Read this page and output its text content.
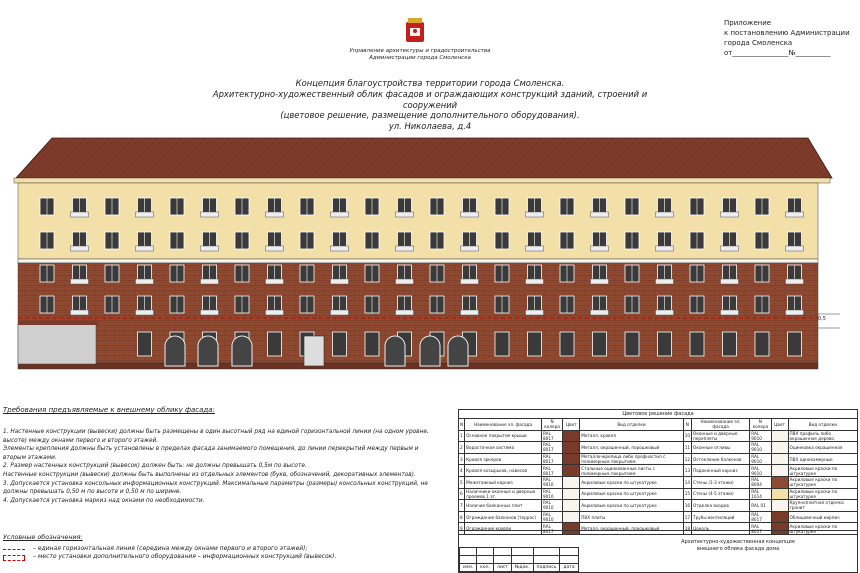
Управление архитектуры и градостроительства
Администрации города Смоленска
Приложение
к постановлению Администрации
города Смоленска
от________________№__________
Концепция благоустройства территории города Смоленска.
Архитектурно-художественный облик фасадов и ограждающих конструкций зданий, строений и сооружений
(цветовое решение, размещение дополнительного оборудования).
ул. Николаева, д.4
0,5
Требования предъявляемые к внешнему облику фасада:

1. Настенные конструкции (вывески) должны быть размещены в один высотный ряд на единой горизонтальной линии (на одном уровне, высоте) между окнами первого и второго этажей.

Элементы крепления должны быть установлены в пределах фасада занимаемого помещения, до линии перекрытий между первым и вторым этажами.

2. Размер настенных конструкций (вывесок) должен быть: не должны превышать 0,5м по высоте.

Настенные конструкции (вывески) должны быть выполнены из отдельных элементов (букв, обозначений, декоративных элементов).

3. Допускается установка консольных информационных конструкций. Максимальные параметры (размеры) консольных конструкций, не должны превышать 0,50 м по высоте и 0,50 м по ширине.

4. Допускается установка маркиз над окнами по необходимости.

Условные обозначения:
– единая горизонтальная линия (середина между окнами первого и второго этажей);
– место установки дополнительного оборудования – информационных конструкций (вывесок).
Цветовое решение фасада									
N	Наименование эл. фасада	N колера	Цвет	Вид отделки	N	Наименование эл. фасада	N колера	Цвет	Вид отделки
1	Основное покрытие крыши	RAL 8017		Металл. кровля	10	Оконные и дверные переплеты	RAL 9010		ПВХ профиль либо окрашенное дерево
2	Водосточная система	RAL 8017		Металл, окрашенный, порошковый	11	Оконные отливы	RAL 9010		Оцинковка окрашенная
3	Кровля эркеров	RAL 8017		Металлочерепица либо профнастил с полимерным покрытием	12	Остекление балконов	RAL 9010		ПВХ однокамерные
4	Кровля козырьков, навесов	RAL 8017		Стальные оцинкованные листы с полимерным покрытием	13	Подоконный карниз	RAL 9010		Акриловые краски по штукатурке
5	Межэтажный карниз	RAL 9010		Акриловые краски по штукатурке	14	Стены (1-3 этажи)	RAL 8004		Акриловые краски по штукатурке
6	Наличники оконные и дверные проемов 1 эт.	RAL 9010		Акриловые краски по штукатурке	15	Стены (4-5 этажи)	RAL 1014		Акриловые краски по штукатурке
7	Наличие балконных плит	RAL 9010		Акриловые краски по штукатурке	16	Отделка входов	RAL 01		Крупноплитная отделка гранит
8	Ограждение балконов (террас)	RAL 9010		ПВХ плиты	17	Трубы вентиляций	RAL 8017		Облицовочный кирпич
9	Ограждение кровли	RAL 8017		Металл, окрашенный, порошковый	18	Цоколь	RAL 8017		Акриловые краски по штукатурке
Архитектурно-художественная концепция
внешнего облика фасада дома

изм.	кол.	лист	№док.	подпись	дата
